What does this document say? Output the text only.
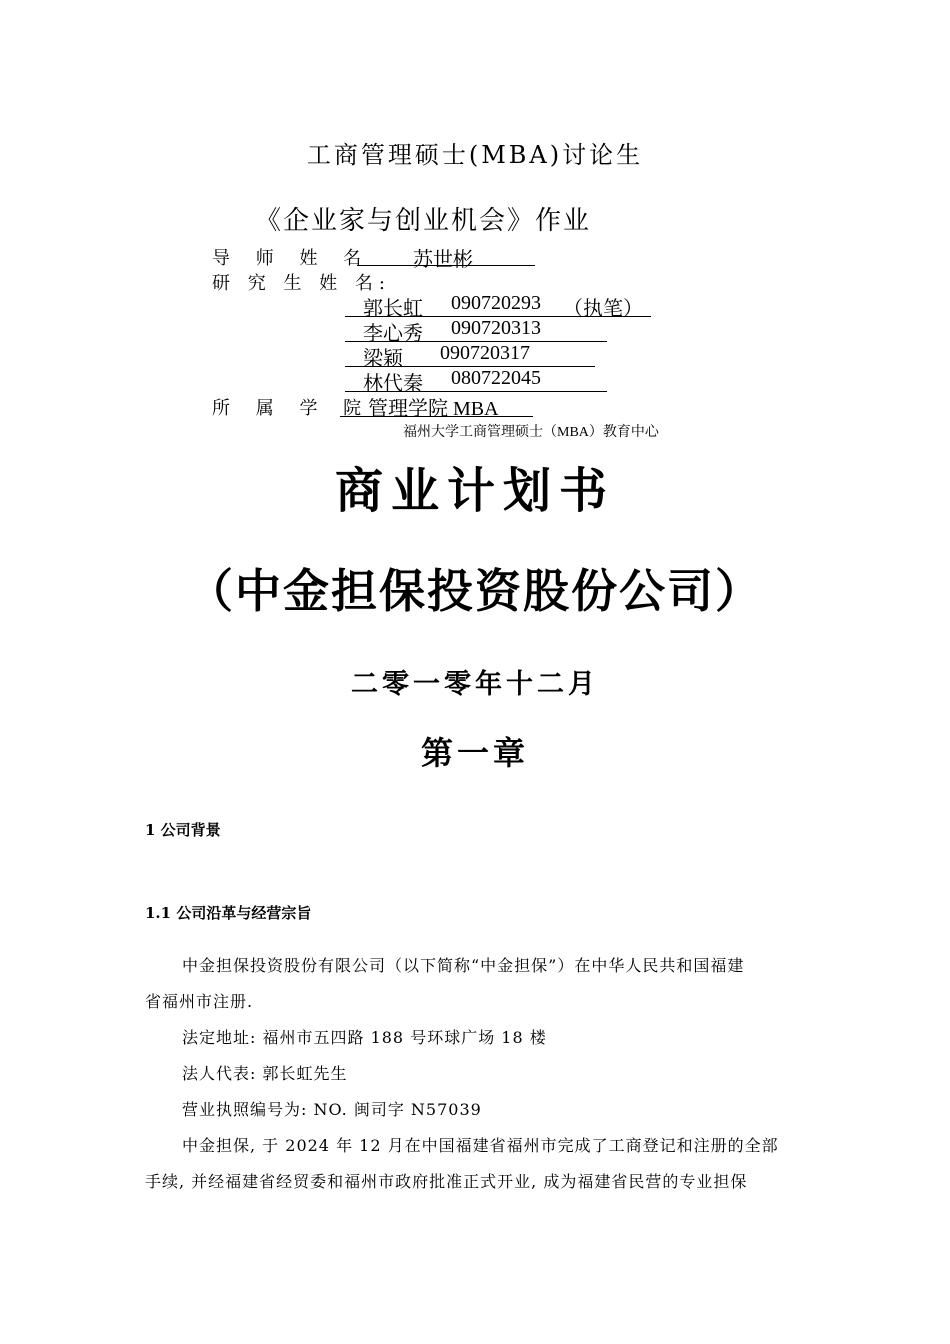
工商管理硕士(MBA)讨论生
《企业家与创业机会》作业
导 师 姓 名 苏世彬
研 究 生 姓 名:
郭长虹 090720293 （执笔）
李心秀 090720313
梁颖 090720317
林代秦 080722045
所 属 学 院
管理学院 MBA
福州大学工商管理硕士（MBA）教育中心
商业计划书
（中金担保投资股份公司）
二零一零年十二月
第一章
1 公司背景
1.1 公司沿革与经营宗旨
中金担保投资股份有限公司（以下简称“中金担保”）在中华人民共和国福建
省福州市注册.
法定地址: 福州市五四路 188 号环球广场 18 楼
法人代表: 郭长虹先生
营业执照编号为: NO. 闽司字 N57039
中金担保, 于 2024 年 12 月在中国福建省福州市完成了工商登记和注册的全部
手续, 并经福建省经贸委和福州市政府批准正式开业, 成为福建省民营的专业担保
